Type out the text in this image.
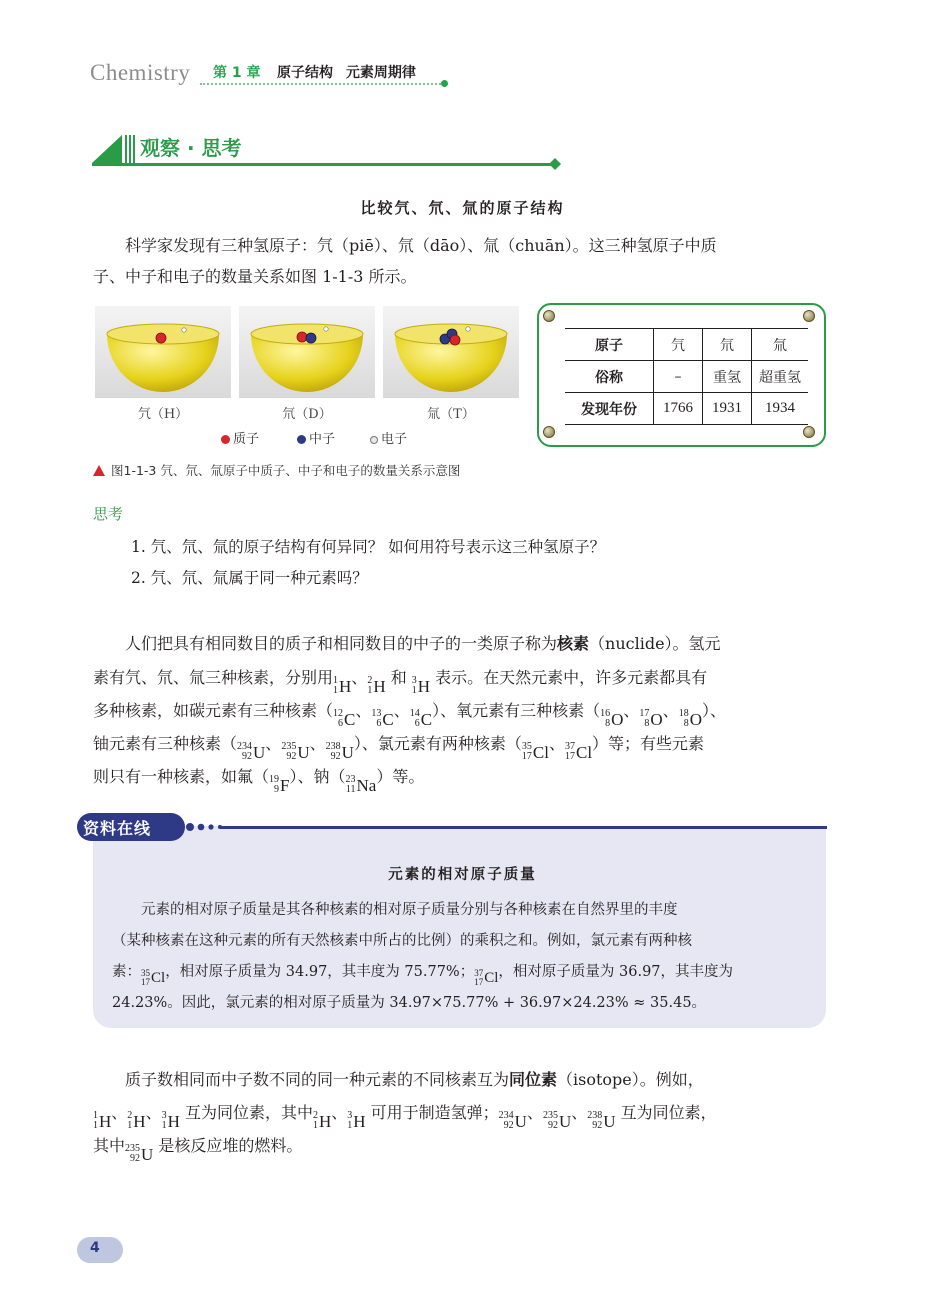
Chemistry 第 1 章 原子结构 元素周期律
观察 · 思考
比较氕、氘、氚的原子结构
科学家发现有三种氢原子：氕（piē）、氘（dāo）、氚（chuān）。这三种氢原子中质
子、中子和电子的数量关系如图 1-1-3 所示。
氕（H）	氘（D）	氚（T）
质子	中子	电子
图1-1-3 氕、氘、氚原子中质子、中子和电子的数量关系示意图
原子	氕	氘	氚
俗称	–	重氢	超重氢
发现年份	1766	1931	1934
思考
1. 氕、氘、氚的原子结构有何异同？ 如何用符号表示这三种氢原子？
2. 氕、氘、氚属于同一种元素吗？
人们把具有相同数目的质子和相同数目的中子的一类原子称为核素（nuclide）。氢元
素有氕、氘、氚三种核素，分别用 1
1 H 、 2
1 H 和 3
1 H 表示。在天然元素中，许多元素都具有
多种核素，如碳元素有三种核素（ 12
6 C 、 13
6 C 、 14
6 C ）、氧元素有三种核素（ 16
8 O 、 17
8 O 、 18
8 O ）、
铀元素有三种核素（ 234
92 U 、 235
92 U 、 238
92 U ）、氯元素有两种核素（ 35
17 Cl 、 37
17 Cl ）等；有些元素
则只有一种核素，如氟（ 19
9 F ）、钠（ 23
11 Na ）等。
资料在线
元素的相对原子质量
元素的相对原子质量是其各种核素的相对原子质量分别与各种核素在自然界里的丰度
（某种核素在这种元素的所有天然核素中所占的比例）的乘积之和。例如，氯元素有两种核
素： 35
17 Cl ，相对原子质量为 34.97，其丰度为 75.77%； 37
17 Cl ，相对原子质量为 36.97，其丰度为
24.23%。因此，氯元素的相对原子质量为 34.97×75.77% + 36.97×24.23% ≈ 35.45。
质子数相同而中子数不同的同一种元素的不同核素互为同位素（isotope）。例如，
1
1 H 、 2
1 H 、 3
1 H 互为同位素，其中 2
1 H 、 3
1 H 可用于制造氢弹； 234
92 U 、 235
92 U 、 238
92 U 互为同位素，
其中 235
92 U 是核反应堆的燃料。
4
